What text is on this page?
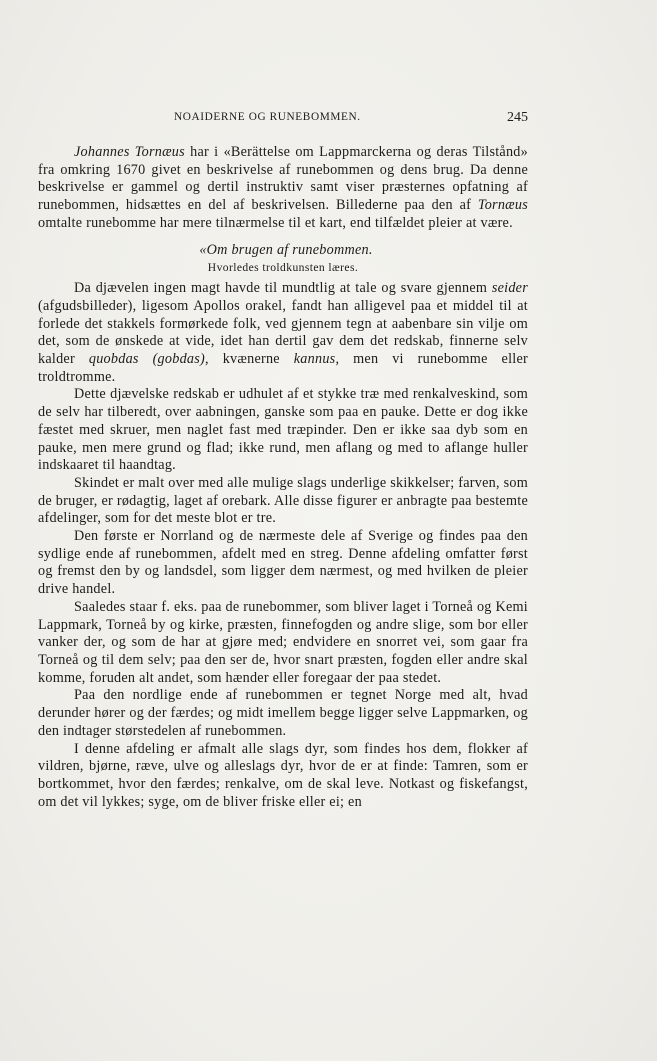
NOAIDERNE OG RUNEBOMMEN.	245

Johannes Tornæus har i «Berättelse om Lappmarckerna og deras Tilstånd» fra omkring 1670 givet en beskrivelse af runebommen og dens brug. Da denne beskrivelse er gammel og dertil instruktiv samt viser præsternes opfatning af runebommen, hidsættes en del af beskrivelsen. Billederne paa den af Tornæus omtalte runebomme har mere tilnærmelse til et kart, end tilfældet pleier at være.

«Om brugen af runebommen.

Hvorledes troldkunsten læres.

Da djævelen ingen magt havde til mundtlig at tale og svare gjennem seider (afgudsbilleder), ligesom Apollos orakel, fandt han alligevel paa et middel til at forlede det stakkels formørkede folk, ved gjennem tegn at aabenbare sin vilje om det, som de ønskede at vide, idet han dertil gav dem det redskab, finnerne selv kalder quobdas (gobdas), kvænerne kannus, men vi runebomme eller troldtromme.

Dette djævelske redskab er udhulet af et stykke træ med renkalveskind, som de selv har tilberedt, over aabningen, ganske som paa en pauke. Dette er dog ikke fæstet med skruer, men naglet fast med træpinder. Den er ikke saa dyb som en pauke, men mere grund og flad; ikke rund, men aflang og med to aflange huller indskaaret til haandtag.

Skindet er malt over med alle mulige slags underlige skikkelser; farven, som de bruger, er rødagtig, laget af orebark. Alle disse figurer er anbragte paa bestemte afdelinger, som for det meste blot er tre.

Den første er Norrland og de nærmeste dele af Sverige og findes paa den sydlige ende af runebommen, afdelt med en streg. Denne afdeling omfatter først og fremst den by og landsdel, som ligger dem nærmest, og med hvilken de pleier drive handel.

Saaledes staar f. eks. paa de runebommer, som bliver laget i Torneå og Kemi Lappmark, Torneå by og kirke, præsten, finnefogden og andre slige, som bor eller vanker der, og som de har at gjøre med; endvidere en snorret vei, som gaar fra Torneå og til dem selv; paa den ser de, hvor snart præsten, fogden eller andre skal komme, foruden alt andet, som hænder eller foregaar der paa stedet.

Paa den nordlige ende af runebommen er tegnet Norge med alt, hvad derunder hører og der færdes; og midt imellem begge ligger selve Lappmarken, og den indtager størstedelen af runebommen.

I denne afdeling er afmalt alle slags dyr, som findes hos dem, flokker af vildren, bjørne, ræve, ulve og alleslags dyr, hvor de er at finde: Tamren, som er bortkommet, hvor den færdes; renkalve, om de skal leve. Notkast og fiskefangst, om det vil lykkes; syge, om de bliver friske eller ei; en
